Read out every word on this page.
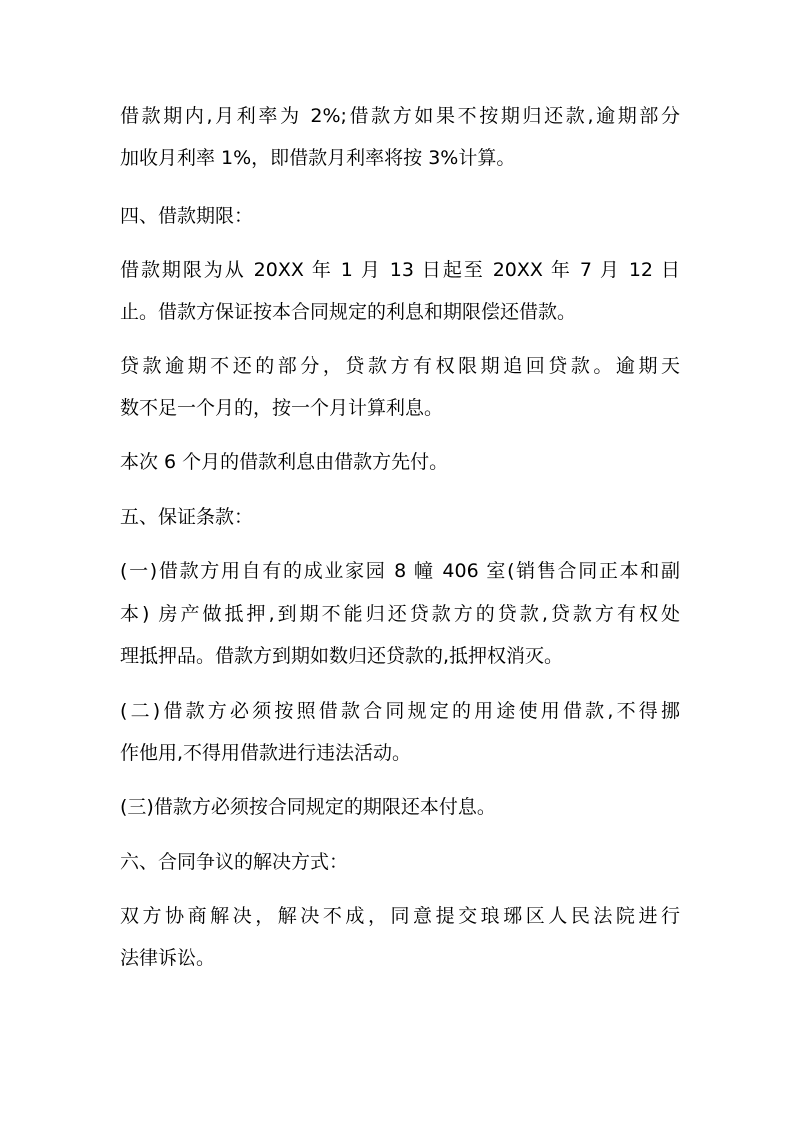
借款期内,月利率为 2%;借款方如果不按期归还款,逾期部分
加收月利率 1%，即借款月利率将按 3%计算。
四、借款期限：
借款期限为从 20XX 年 1 月 13 日起至 20XX 年 7 月 12 日
止。借款方保证按本合同规定的利息和期限偿还借款。
贷款逾期不还的部分，贷款方有权限期追回贷款。逾期天
数不足一个月的，按一个月计算利息。
本次 6 个月的借款利息由借款方先付。
五、保证条款：
(一)借款方用自有的成业家园 8 幢 406 室(销售合同正本和副
本) 房产做抵押,到期不能归还贷款方的贷款,贷款方有权处
理抵押品。借款方到期如数归还贷款的,抵押权消灭。
(二)借款方必须按照借款合同规定的用途使用借款,不得挪
作他用,不得用借款进行违法活动。
(三)借款方必须按合同规定的期限还本付息。
六、合同争议的解决方式：
双方协商解决，解决不成，同意提交琅琊区人民法院进行
法律诉讼。
